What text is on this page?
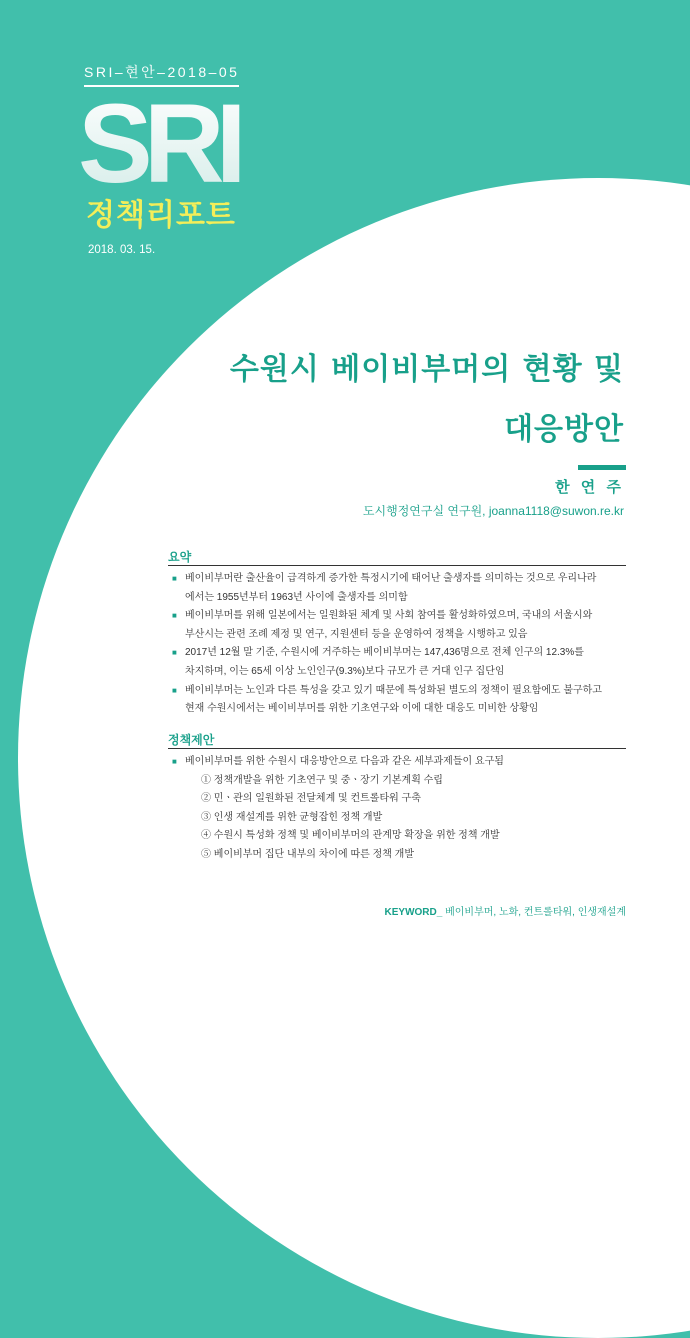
SRI–현안–2018–05
SRI
정책리포트
2018. 03. 15.
수원시 베이비부머의 현황 및
대응방안
한 연 주
도시행정연구실 연구원, joanna1118@suwon.re.kr
요약
■ 베이비부머란 출산율이 급격하게 증가한 특정시기에 태어난 출생자를 의미하는 것으로 우리나라
에서는 1955년부터 1963년 사이에 출생자를 의미함
■ 베이비부머를 위해 일본에서는 일원화된 체계 및 사회 참여를 활성화하였으며, 국내의 서울시와
부산시는 관련 조례 제정 및 연구, 지원센터 등을 운영하여 정책을 시행하고 있음
■ 2017년 12월 말 기준, 수원시에 거주하는 베이비부머는 147,436명으로 전체 인구의 12.3%를
차지하며, 이는 65세 이상 노인인구(9.3%)보다 규모가 큰 거대 인구 집단임
■ 베이비부머는 노인과 다른 특성을 갖고 있기 때문에 특성화된 별도의 정책이 필요함에도 불구하고
현재 수원시에서는 베이비부머를 위한 기초연구와 이에 대한 대응도 미비한 상황임
정책제안
■ 베이비부머를 위한 수원시 대응방안으로 다음과 같은 세부과제들이 요구됨
① 정책개발을 위한 기초연구 및 중ㆍ장기 기본계획 수립
② 민ㆍ관의 일원화된 전달체계 및 컨트롤타워 구축
③ 인생 재설계를 위한 균형잡힌 정책 개발
④ 수원시 특성화 정책 및 베이비부머의 관계망 확장을 위한 정책 개발
⑤ 베이비부머 집단 내부의 차이에 따른 정책 개발
KEYWORD_ 베이비부머, 노화, 컨트롤타워, 인생재설계
